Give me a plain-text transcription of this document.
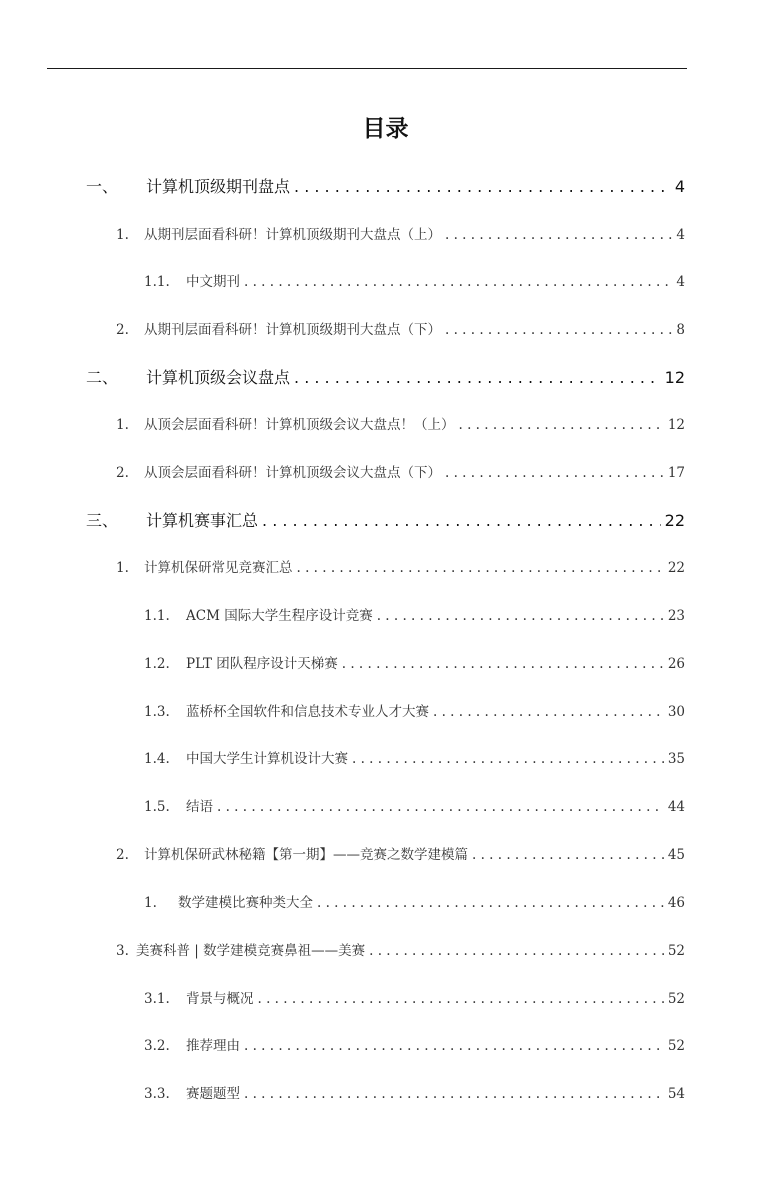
目录
一、	计算机顶级期刊盘点 . . .	4
1.	从期刊层面看科研！计算机顶级期刊大盘点（上） . . .	4
1.1.	中文期刊 . . .	4
2.	从期刊层面看科研！计算机顶级期刊大盘点（下） . . .	8
二、	计算机顶级会议盘点 . . .	12
1.	从顶会层面看科研！计算机顶级会议大盘点！（上） . . .	12
2.	从顶会层面看科研！计算机顶级会议大盘点（下） . . .	17
三、	计算机赛事汇总 . . .	22
1.	计算机保研常见竞赛汇总 . . .	22
1.1.	ACM 国际大学生程序设计竞赛 . . .	23
1.2.	PLT 团队程序设计天梯赛 . . .	26
1.3.	蓝桥杯全国软件和信息技术专业人才大赛 . . .	30
1.4.	中国大学生计算机设计大赛 . . .	35
1.5.	结语 . . .	44
2.	计算机保研武林秘籍【第一期】——竞赛之数学建模篇 . . .	45
1.	数学建模比赛种类大全 . . .	46
3. 美赛科普 | 数学建模竞赛鼻祖——美赛 . . .	52
3.1.	背景与概况 . . .	52
3.2.	推荐理由 . . .	52
3.3.	赛题题型 . . .	54
